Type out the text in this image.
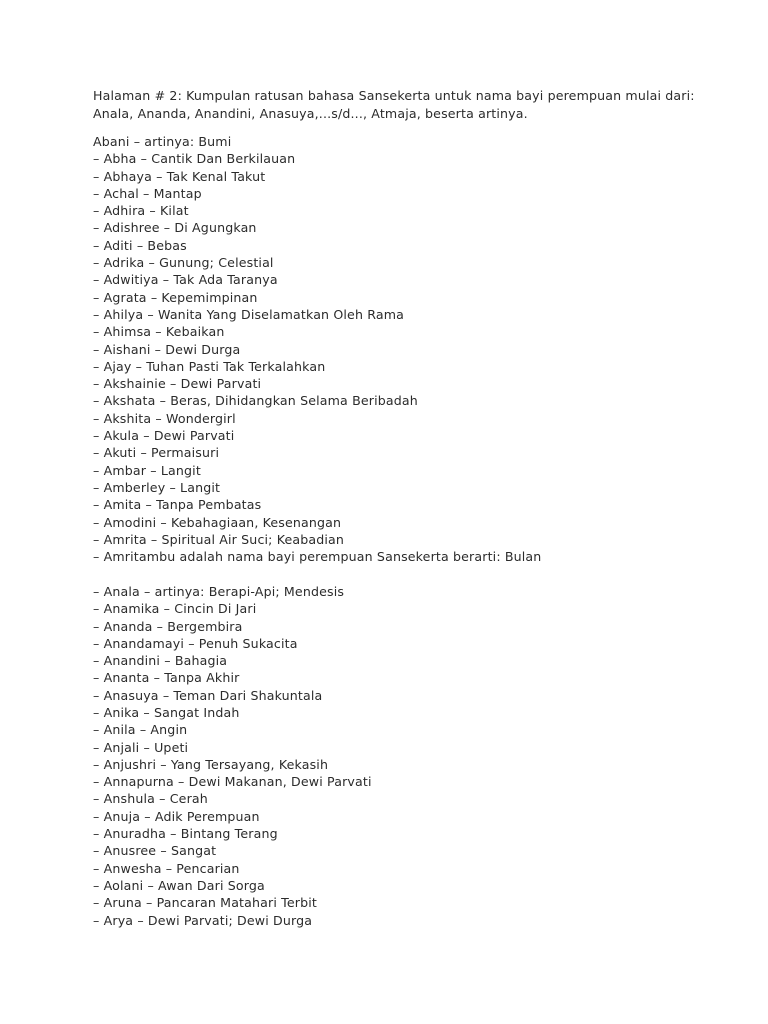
Halaman # 2: Kumpulan ratusan bahasa Sansekerta untuk nama bayi perempuan mulai dari: Anala, Ananda, Anandini, Anasuya,...s/d..., Atmaja, beserta artinya.

Abani – artinya: Bumi
– Abha – Cantik Dan Berkilauan
– Abhaya – Tak Kenal Takut
– Achal – Mantap
– Adhira – Kilat
– Adishree – Di Agungkan
– Aditi – Bebas
– Adrika – Gunung; Celestial
– Adwitiya – Tak Ada Taranya
– Agrata – Kepemimpinan
– Ahilya – Wanita Yang Diselamatkan Oleh Rama
– Ahimsa – Kebaikan
– Aishani – Dewi Durga
– Ajay – Tuhan Pasti Tak Terkalahkan
– Akshainie – Dewi Parvati
– Akshata – Beras, Dihidangkan Selama Beribadah
– Akshita – Wondergirl
– Akula – Dewi Parvati
– Akuti – Permaisuri
– Ambar – Langit
– Amberley – Langit
– Amita – Tanpa Pembatas
– Amodini – Kebahagiaan, Kesenangan
– Amrita – Spiritual Air Suci; Keabadian
– Amritambu adalah nama bayi perempuan Sansekerta berarti: Bulan
– Anala – artinya: Berapi-Api; Mendesis
– Anamika – Cincin Di Jari
– Ananda – Bergembira
– Anandamayi – Penuh Sukacita
– Anandini – Bahagia
– Ananta – Tanpa Akhir
– Anasuya – Teman Dari Shakuntala
– Anika – Sangat Indah
– Anila – Angin
– Anjali – Upeti
– Anjushri – Yang Tersayang, Kekasih
– Annapurna – Dewi Makanan, Dewi Parvati
– Anshula – Cerah
– Anuja – Adik Perempuan
– Anuradha – Bintang Terang
– Anusree – Sangat
– Anwesha – Pencarian
– Aolani – Awan Dari Sorga
– Aruna – Pancaran Matahari Terbit
– Arya – Dewi Parvati; Dewi Durga
